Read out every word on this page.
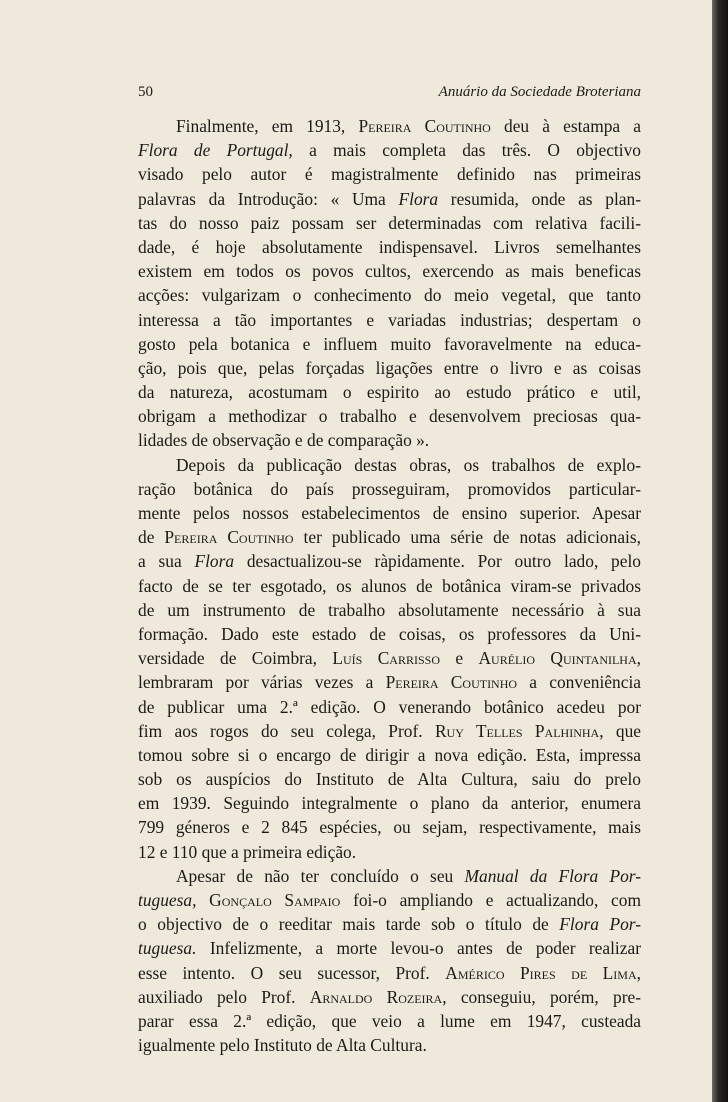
50	Anuário da Sociedade Broteriana
Finalmente, em 1913, Pereira Coutinho deu à estampa a
Flora de Portugal, a mais completa das três. O objectivo
visado pelo autor é magistralmente definido nas primeiras
palavras da Introdução: « Uma Flora resumida, onde as plan-
tas do nosso paiz possam ser determinadas com relativa facili-
dade, é hoje absolutamente indispensavel. Livros semelhantes
existem em todos os povos cultos, exercendo as mais beneficas
acções: vulgarizam o conhecimento do meio vegetal, que tanto
interessa a tão importantes e variadas industrias; despertam o
gosto pela botanica e influem muito favoravelmente na educa-
ção, pois que, pelas forçadas ligações entre o livro e as coisas
da natureza, acostumam o espirito ao estudo prático e util,
obrigam a methodizar o trabalho e desenvolvem preciosas qua-
lidades de observação e de comparação ».
Depois da publicação destas obras, os trabalhos de explo-
ração botânica do país prosseguiram, promovidos particular-
mente pelos nossos estabelecimentos de ensino superior. Apesar
de Pereira Coutinho ter publicado uma série de notas adicionais,
a sua Flora desactualizou-se ràpidamente. Por outro lado, pelo
facto de se ter esgotado, os alunos de botânica viram-se privados
de um instrumento de trabalho absolutamente necessário à sua
formação. Dado este estado de coisas, os professores da Uni-
versidade de Coimbra, Luís Carrisso e Aurélio Quintanilha,
lembraram por várias vezes a Pereira Coutinho a conveniência
de publicar uma 2.ª edição. O venerando botânico acedeu por
fim aos rogos do seu colega, Prof. Ruy Telles Palhinha, que
tomou sobre si o encargo de dirigir a nova edição. Esta, impressa
sob os auspícios do Instituto de Alta Cultura, saiu do prelo
em 1939. Seguindo integralmente o plano da anterior, enumera
799 géneros e 2 845 espécies, ou sejam, respectivamente, mais
12 e 110 que a primeira edição.
Apesar de não ter concluído o seu Manual da Flora Por-
tuguesa, Gonçalo Sampaio foi-o ampliando e actualizando, com
o objectivo de o reeditar mais tarde sob o título de Flora Por-
tuguesa. Infelizmente, a morte levou-o antes de poder realizar
esse intento. O seu sucessor, Prof. Américo Pires de Lima,
auxiliado pelo Prof. Arnaldo Rozeira, conseguiu, porém, pre-
parar essa 2.ª edição, que veio a lume em 1947, custeada
igualmente pelo Instituto de Alta Cultura.
